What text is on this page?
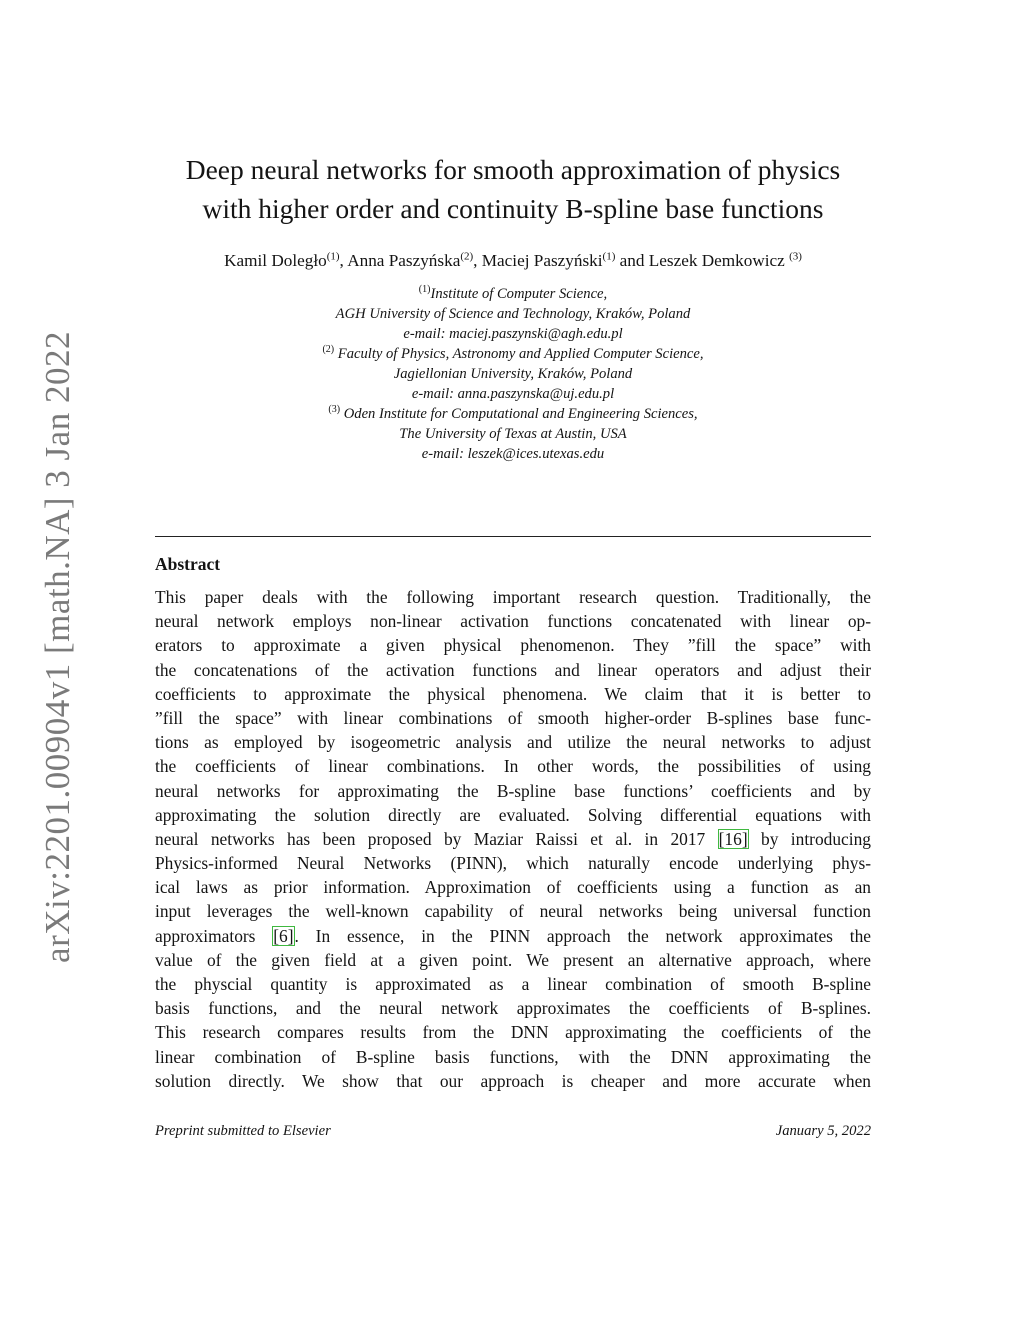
arXiv:2201.00904v1 [math.NA] 3 Jan 2022
Deep neural networks for smooth approximation of physics
with higher order and continuity B-spline base functions
Kamil Doległo$^{(1)}$, Anna Paszyńska$^{(2)}$, Maciej Paszyński$^{(1)}$ and Leszek Demkowicz $^{(3)}$
$^{(1)}$Institute of Computer Science,
AGH University of Science and Technology, Kraków, Poland
e-mail: maciej.paszynski@agh.edu.pl
$^{(2)}$ Faculty of Physics, Astronomy and Applied Computer Science,
Jagiellonian University, Kraków, Poland
e-mail: anna.paszynska@uj.edu.pl
$^{(3)}$ Oden Institute for Computational and Engineering Sciences,
The University of Texas at Austin, USA
e-mail: leszek@ices.utexas.edu
Abstract
This paper deals with the following important research question. Traditionally, the
neural network employs non-linear activation functions concatenated with linear op-
erators to approximate a given physical phenomenon. They ”fill the space” with
the concatenations of the activation functions and linear operators and adjust their
coefficients to approximate the physical phenomena. We claim that it is better to
”fill the space” with linear combinations of smooth higher-order B-splines base func-
tions as employed by isogeometric analysis and utilize the neural networks to adjust
the coefficients of linear combinations. In other words, the possibilities of using
neural networks for approximating the B-spline base functions’ coefficients and by
approximating the solution directly are evaluated. Solving differential equations with
neural networks has been proposed by Maziar Raissi et al. in 2017 [16] by introducing
Physics-informed Neural Networks (PINN), which naturally encode underlying phys-
ical laws as prior information. Approximation of coefficients using a function as an
input leverages the well-known capability of neural networks being universal function
approximators [6]. In essence, in the PINN approach the network approximates the
value of the given field at a given point. We present an alternative approach, where
the physcial quantity is approximated as a linear combination of smooth B-spline
basis functions, and the neural network approximates the coefficients of B-splines.
This research compares results from the DNN approximating the coefficients of the
linear combination of B-spline basis functions, with the DNN approximating the
solution directly. We show that our approach is cheaper and more accurate when
Preprint submitted to Elsevier	January 5, 2022
